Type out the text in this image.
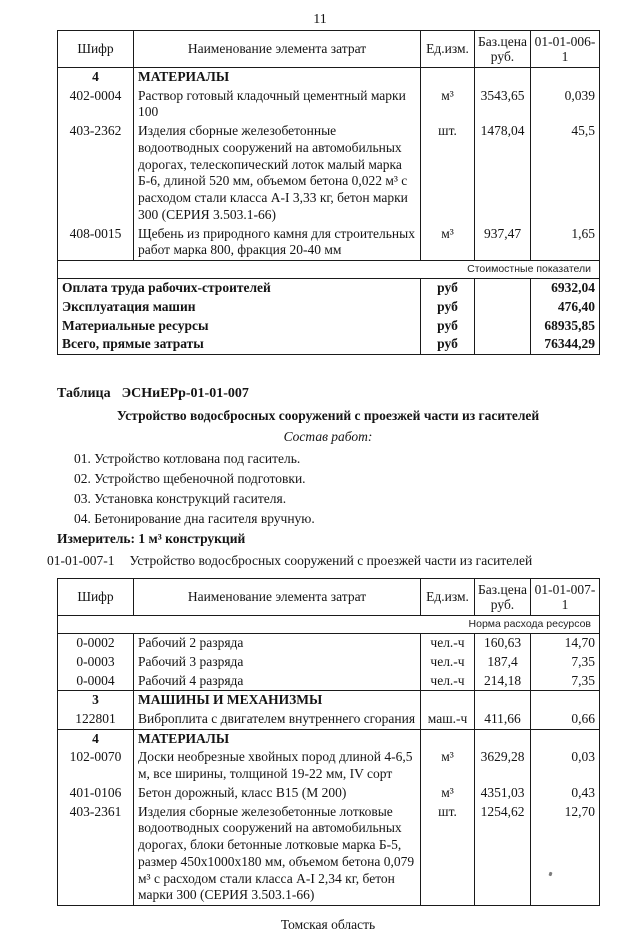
11
Шифр	Наименование элемента затрат	Ед.изм.	Баз.цена руб.	01-01-006-1
4	МАТЕРИАЛЫ			
402-0004	Раствор готовый кладочный цементный марки 100	м³	3543,65	0,039
403-2362	Изделия сборные железобетонные водоотводных сооружений на автомобильных дорогах, телескопический лоток малый марка Б-6, длиной 520 мм, объемом бетона 0,022 м³ с расходом стали класса А-I 3,33 кг, бетон марки 300 (СЕРИЯ 3.503.1-66)	шт.	1478,04	45,5
408-0015	Щебень из природного камня для строительных работ марка 800, фракция 20-40 мм	м³	937,47	1,65
Стоимостные показатели				
Оплата труда рабочих-строителей		руб		6932,04
Эксплуатация машин		руб		476,40
Материальные ресурсы		руб		68935,85
Всего, прямые затраты		руб		76344,29
Таблица ЭСНиЕРр-01-01-007
Устройство водосбросных сооружений с проезжей части из гасителей
Состав работ:
01. Устройство котлована под гаситель.
02. Устройство щебеночной подготовки.
03. Установка конструкций гасителя.
04. Бетонирование дна гасителя вручную.
Измеритель: 1 м³ конструкций
01-01-007-1 Устройство водосбросных сооружений с проезжей части из гасителей
Шифр	Наименование элемента затрат	Ед.изм.	Баз.цена руб.	01-01-007-1
Норма расхода ресурсов				
0-0002	Рабочий 2 разряда	чел.-ч	160,63	14,70
0-0003	Рабочий 3 разряда	чел.-ч	187,4	7,35
0-0004	Рабочий 4 разряда	чел.-ч	214,18	7,35
3	МАШИНЫ И МЕХАНИЗМЫ			
122801	Виброплита с двигателем внутреннего сгорания	маш.-ч	411,66	0,66
4	МАТЕРИАЛЫ			
102-0070	Доски необрезные хвойных пород длиной 4-6,5 м, все ширины, толщиной 19-22 мм, IV сорт	м³	3629,28	0,03
401-0106	Бетон дорожный, класс В15 (М 200)	м³	4351,03	0,43
403-2361	Изделия сборные железобетонные лотковые водоотводных сооружений на автомобильных дорогах, блоки бетонные лотковые марка Б-5, размер 450х1000х180 мм, объемом бетона 0,079 м³ с расходом стали класса А-I 2,34 кг, бетон марки 300 (СЕРИЯ 3.503.1-66)	шт.	1254,62	12,70
Томская область
